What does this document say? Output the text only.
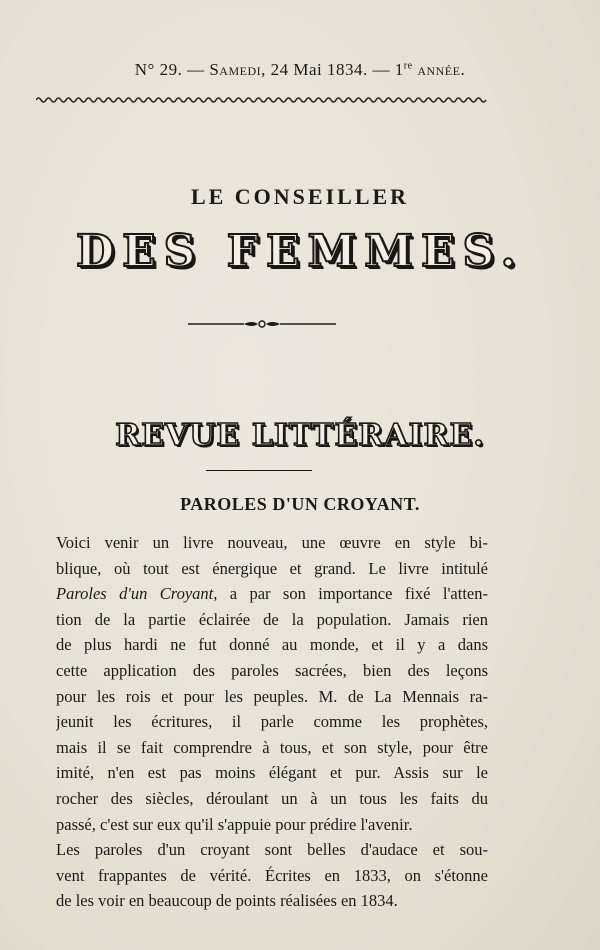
N° 29. — Samedi, 24 Mai 1834. — 1re année.
LE CONSEILLER
DES FEMMES.
REVUE LITTÉRAIRE.
PAROLES D'UN CROYANT.
Voici venir un livre nouveau, une œuvre en style bi-
blique, où tout est énergique et grand. Le livre intitulé
Paroles d'un Croyant, a par son importance fixé l'atten-
tion de la partie éclairée de la population. Jamais rien
de plus hardi ne fut donné au monde, et il y a dans
cette application des paroles sacrées, bien des leçons
pour les rois et pour les peuples. M. de La Mennais ra-
jeunit les écritures, il parle comme les prophètes,
mais il se fait comprendre à tous, et son style, pour être
imité, n'en est pas moins élégant et pur. Assis sur le
rocher des siècles, déroulant un à un tous les faits du
passé, c'est sur eux qu'il s'appuie pour prédire l'avenir.
Les paroles d'un croyant sont belles d'audace et sou-
vent frappantes de vérité. Écrites en 1833, on s'étonne
de les voir en beaucoup de points réalisées en 1834.
